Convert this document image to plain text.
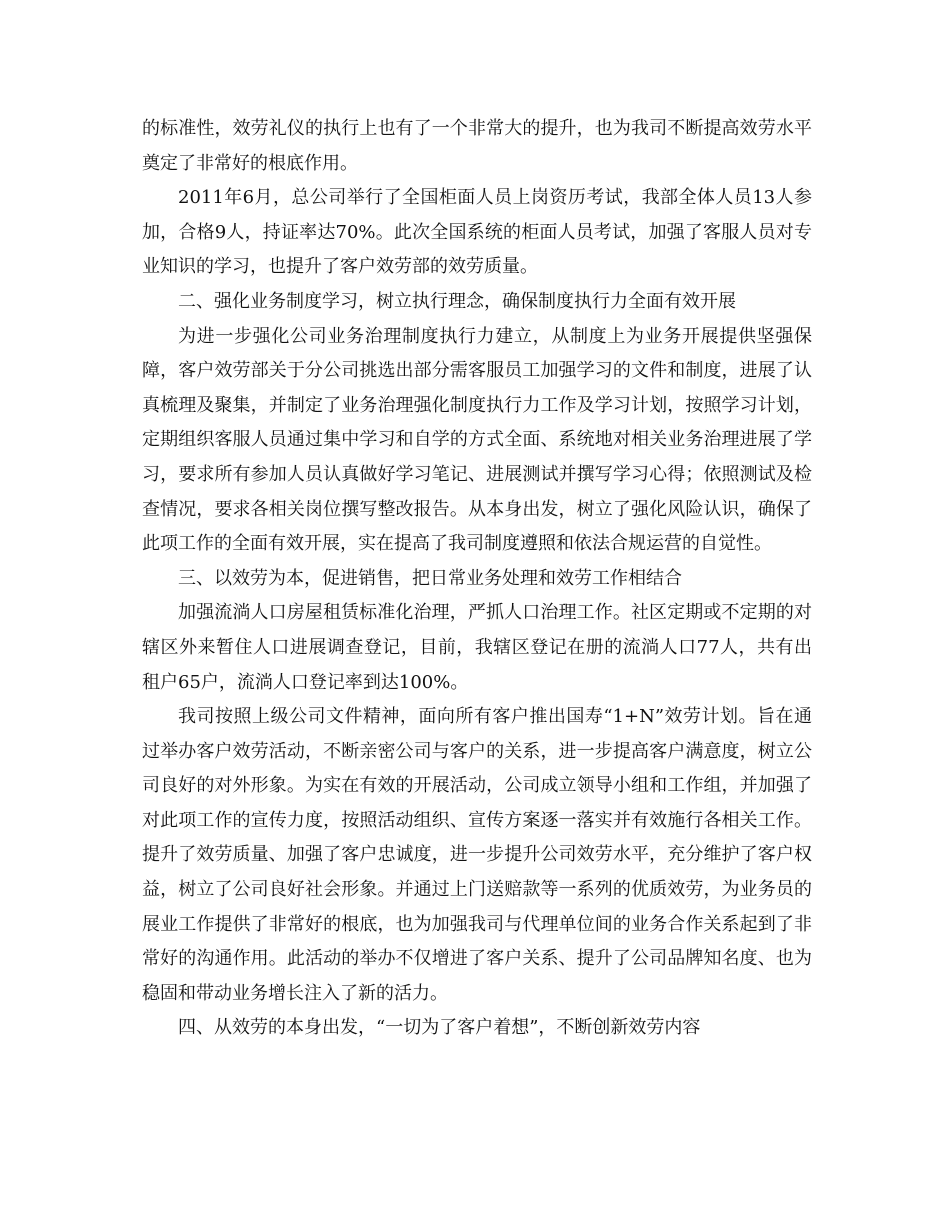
的标准性，效劳礼仪的执行上也有了一个非常大的提升，也为我司不断提高效劳水平奠定了非常好的根底作用。

2011年6月，总公司举行了全国柜面人员上岗资历考试，我部全体人员13人参加，合格9人，持证率达70%。此次全国系统的柜面人员考试，加强了客服人员对专业知识的学习，也提升了客户效劳部的效劳质量。

二、强化业务制度学习，树立执行理念，确保制度执行力全面有效开展

为进一步强化公司业务治理制度执行力建立，从制度上为业务开展提供坚强保障，客户效劳部关于分公司挑选出部分需客服员工加强学习的文件和制度，进展了认真梳理及聚集，并制定了业务治理强化制度执行力工作及学习计划，按照学习计划，定期组织客服人员通过集中学习和自学的方式全面、系统地对相关业务治理进展了学习，要求所有参加人员认真做好学习笔记、进展测试并撰写学习心得；依照测试及检查情况，要求各相关岗位撰写整改报告。从本身出发，树立了强化风险认识，确保了此项工作的全面有效开展，实在提高了我司制度遵照和依法合规运营的自觉性。

三、以效劳为本，促进销售，把日常业务处理和效劳工作相结合

加强流淌人口房屋租赁标准化治理，严抓人口治理工作。社区定期或不定期的对辖区外来暂住人口进展调查登记，目前，我辖区登记在册的流淌人口77人，共有出租户65户，流淌人口登记率到达100%。

我司按照上级公司文件精神，面向所有客户推出国寿“1+N”效劳计划。旨在通过举办客户效劳活动，不断亲密公司与客户的关系，进一步提高客户满意度，树立公司良好的对外形象。为实在有效的开展活动，公司成立领导小组和工作组，并加强了对此项工作的宣传力度，按照活动组织、宣传方案逐一落实并有效施行各相关工作。提升了效劳质量、加强了客户忠诚度，进一步提升公司效劳水平，充分维护了客户权益，树立了公司良好社会形象。并通过上门送赔款等一系列的优质效劳，为业务员的展业工作提供了非常好的根底，也为加强我司与代理单位间的业务合作关系起到了非常好的沟通作用。此活动的举办不仅增进了客户关系、提升了公司品牌知名度、也为稳固和带动业务增长注入了新的活力。

四、从效劳的本身出发，“一切为了客户着想”，不断创新效劳内容
